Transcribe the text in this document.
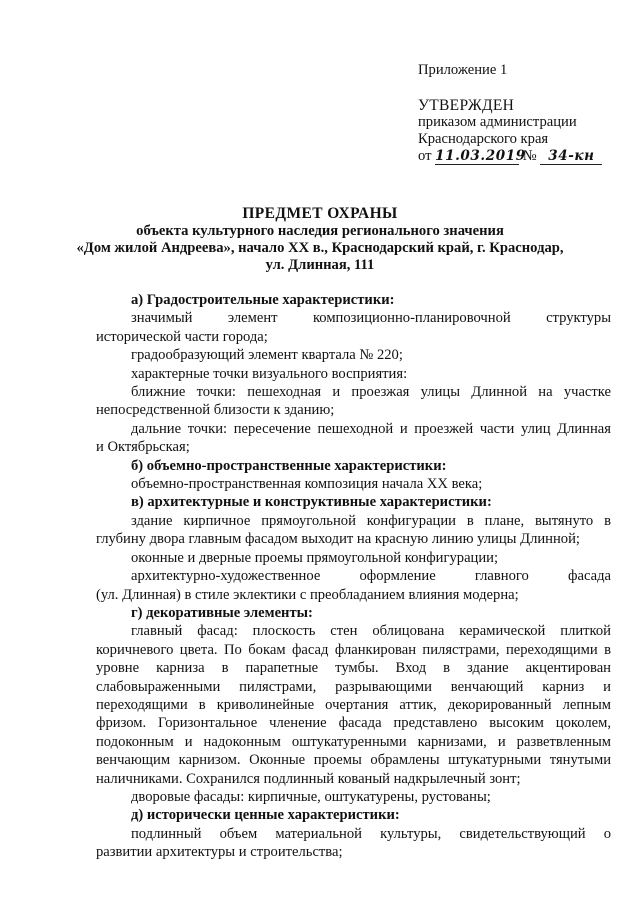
Приложение 1
УТВЕРЖДЕН
приказом администрации
Краснодарского края
от 11.03.2019 № 34-кн
ПРЕДМЕТ ОХРАНЫ
объекта культурного наследия регионального значения
«Дом жилой Андреева», начало XX в., Краснодарский край, г. Краснодар,
ул. Длинная, 111
а) Градостроительные характеристики:
значимый элемент композиционно-планировочной структуры
исторической части города;
градообразующий элемент квартала № 220;
характерные точки визуального восприятия:
ближние точки: пешеходная и проезжая улицы Длинной на участке
непосредственной близости к зданию;
дальние точки: пересечение пешеходной и проезжей части улиц Длинная
и Октябрьская;
б) объемно-пространственные характеристики:
объемно-пространственная композиция начала XX века;
в) архитектурные и конструктивные характеристики:
здание кирпичное прямоугольной конфигурации в плане, вытянуто в
глубину двора главным фасадом выходит на красную линию улицы Длинной;
оконные и дверные проемы прямоугольной конфигурации;
архитектурно-художественное оформление главного фасада
(ул. Длинная) в стиле эклектики с преобладанием влияния модерна;
г) декоративные элементы:
главный фасад: плоскость стен облицована керамической плиткой
коричневого цвета. По бокам фасад фланкирован пилястрами, переходящими в
уровне карниза в парапетные тумбы. Вход в здание акцентирован
слабовыраженными пилястрами, разрывающими венчающий карниз и
переходящими в криволинейные очертания аттик, декорированный лепным
фризом. Горизонтальное членение фасада представлено высоким цоколем,
подоконным и надоконным оштукатуренными карнизами, и разветвленным
венчающим карнизом. Оконные проемы обрамлены штукатурными тянутыми
наличниками. Сохранился подлинный кованый надкрылечный зонт;
дворовые фасады: кирпичные, оштукатурены, рустованы;
д) исторически ценные характеристики:
подлинный объем материальной культуры, свидетельствующий о
развитии архитектуры и строительства;
